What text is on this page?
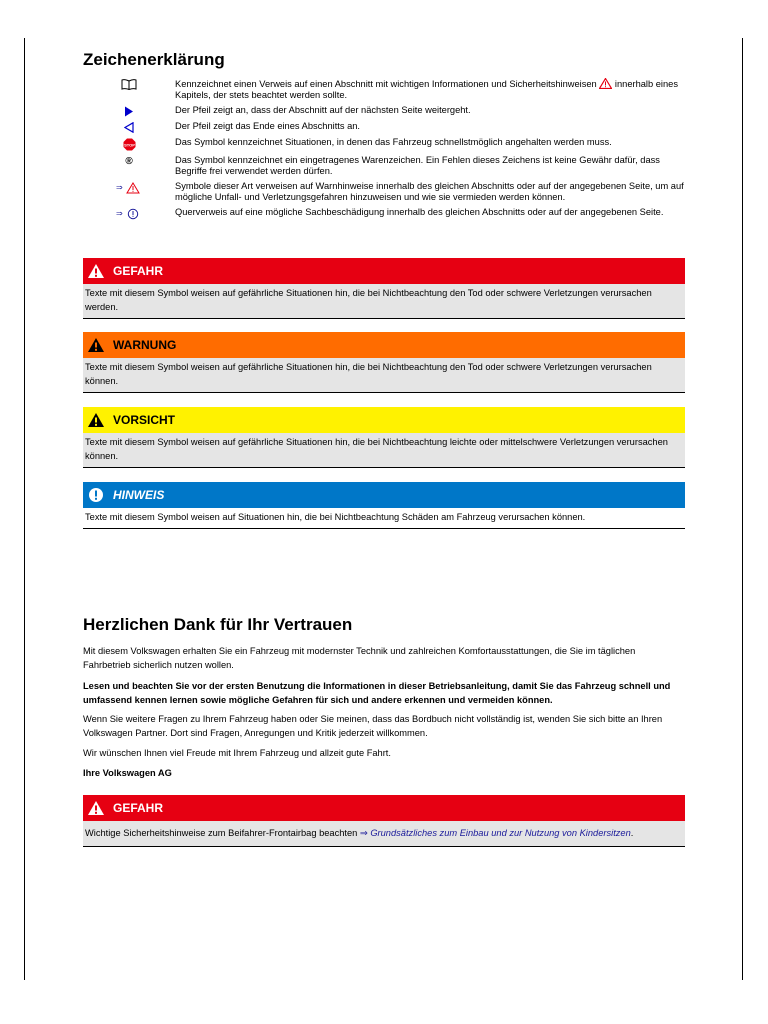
Zeichenerklärung
Kennzeichnet einen Verweis auf einen Abschnitt mit wichtigen Informationen und Sicherheitshinweisen innerhalb eines Kapitels, der stets beachtet werden sollte.
Der Pfeil zeigt an, dass der Abschnitt auf der nächsten Seite weitergeht.
Der Pfeil zeigt das Ende eines Abschnitts an.
STOP	Das Symbol kennzeichnet Situationen, in denen das Fahrzeug schnellstmöglich angehalten werden muss.
®	Das Symbol kennzeichnet ein eingetragenes Warenzeichen. Ein Fehlen dieses Zeichens ist keine Gewähr dafür, dass Begriffe frei verwendet werden dürfen.
⇒	Symbole dieser Art verweisen auf Warnhinweise innerhalb des gleichen Abschnitts oder auf der angegebenen Seite, um auf mögliche Unfall- und Verletzungsgefahren hinzuweisen und wie sie vermieden werden können.
⇒	Querverweis auf eine mögliche Sachbeschädigung innerhalb des gleichen Abschnitts oder auf der angegebenen Seite.
GEFAHR
Texte mit diesem Symbol weisen auf gefährliche Situationen hin, die bei Nichtbeachtung den Tod oder schwere Verletzungen verursachen werden.
WARNUNG
Texte mit diesem Symbol weisen auf gefährliche Situationen hin, die bei Nichtbeachtung den Tod oder schwere Verletzungen verursachen können.
VORSICHT
Texte mit diesem Symbol weisen auf gefährliche Situationen hin, die bei Nichtbeachtung leichte oder mittelschwere Verletzungen verursachen können.
HINWEIS
Texte mit diesem Symbol weisen auf Situationen hin, die bei Nichtbeachtung Schäden am Fahrzeug verursachen können.
Herzlichen Dank für Ihr Vertrauen

Mit diesem Volkswagen erhalten Sie ein Fahrzeug mit modernster Technik und zahlreichen Komfortausstattungen, die Sie im täglichen Fahrbetrieb sicherlich nutzen wollen.

Lesen und beachten Sie vor der ersten Benutzung die Informationen in dieser Betriebsanleitung, damit Sie das Fahrzeug schnell und umfassend kennen lernen sowie mögliche Gefahren für sich und andere erkennen und vermeiden können.

Wenn Sie weitere Fragen zu Ihrem Fahrzeug haben oder Sie meinen, dass das Bordbuch nicht vollständig ist, wenden Sie sich bitte an Ihren Volkswagen Partner. Dort sind Fragen, Anregungen und Kritik jederzeit willkommen.

Wir wünschen Ihnen viel Freude mit Ihrem Fahrzeug und allzeit gute Fahrt.

Ihre Volkswagen AG

GEFAHR
Wichtige Sicherheitshinweise zum Beifahrer-Frontairbag beachten ⇒ Grundsätzliches zum Einbau und zur Nutzung von Kindersitzen.
